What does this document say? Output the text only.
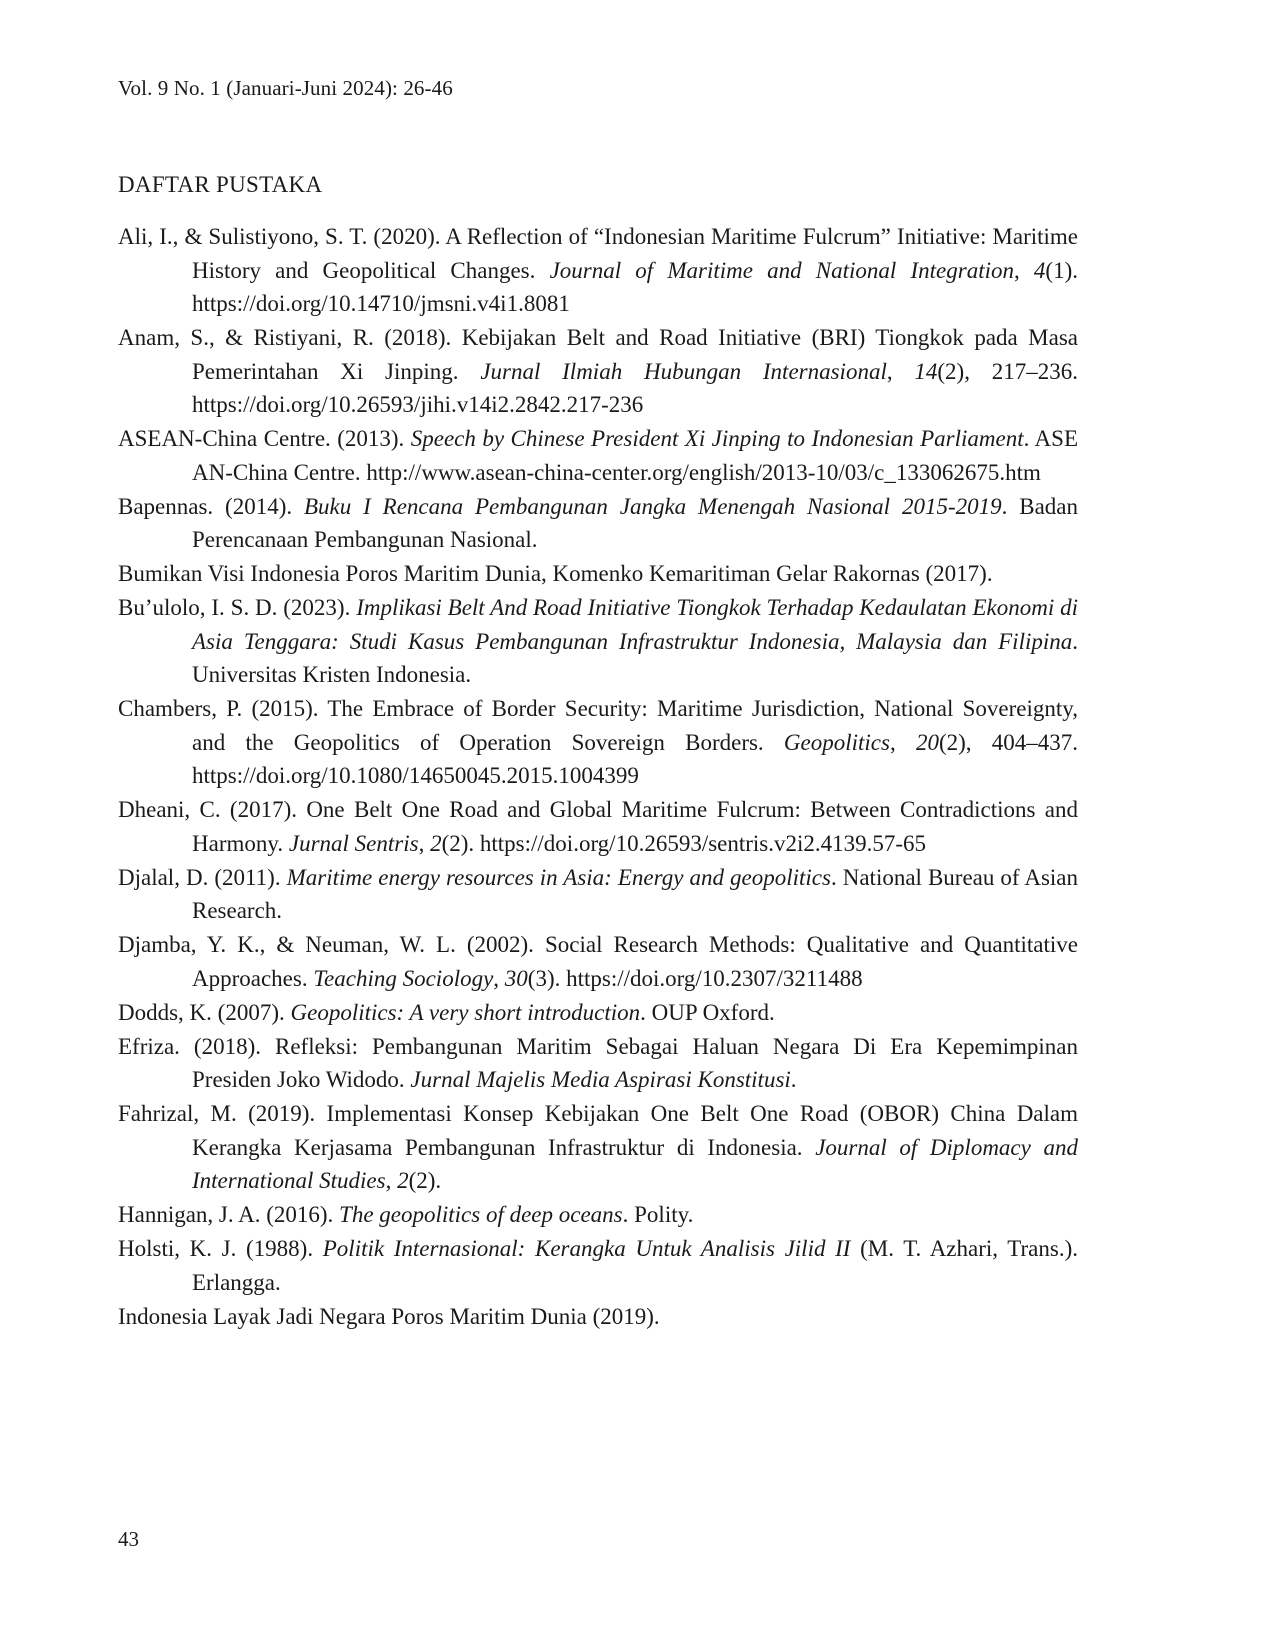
Vol. 9 No. 1 (Januari-Juni 2024): 26-46
DAFTAR PUSTAKA
Ali, I., & Sulistiyono, S. T. (2020). A Reflection of “Indonesian Maritime Fulcrum” Initiative: Maritime History and Geopolitical Changes. Journal of Maritime and National Integration, 4(1). https://doi.org/10.14710/jmsni.v4i1.8081
Anam, S., & Ristiyani, R. (2018). Kebijakan Belt and Road Initiative (BRI) Tiongkok pada Masa Pemerintahan Xi Jinping. Jurnal Ilmiah Hubungan Internasional, 14(2), 217–236. https://doi.org/10.26593/jihi.v14i2.2842.217-236
ASEAN-China Centre. (2013). Speech by Chinese President Xi Jinping to Indonesian Parliament. ASEAN-China Centre. http://www.asean-china-center.org/english/2013-10/03/c_133062675.htm
Bapennas. (2014). Buku I Rencana Pembangunan Jangka Menengah Nasional 2015-2019. Badan Perencanaan Pembangunan Nasional.
Bumikan Visi Indonesia Poros Maritim Dunia, Komenko Kemaritiman Gelar Rakornas (2017).
Bu’ulolo, I. S. D. (2023). Implikasi Belt And Road Initiative Tiongkok Terhadap Kedaulatan Ekonomi di Asia Tenggara: Studi Kasus Pembangunan Infrastruktur Indonesia, Malaysia dan Filipina. Universitas Kristen Indonesia.
Chambers, P. (2015). The Embrace of Border Security: Maritime Jurisdiction, National Sovereignty, and the Geopolitics of Operation Sovereign Borders. Geopolitics, 20(2), 404–437. https://doi.org/10.1080/14650045.2015.1004399
Dheani, C. (2017). One Belt One Road and Global Maritime Fulcrum: Between Contradictions and Harmony. Jurnal Sentris, 2(2). https://doi.org/10.26593/sentris.v2i2.4139.57-65
Djalal, D. (2011). Maritime energy resources in Asia: Energy and geopolitics. National Bureau of Asian Research.
Djamba, Y. K., & Neuman, W. L. (2002). Social Research Methods: Qualitative and Quantitative Approaches. Teaching Sociology, 30(3). https://doi.org/10.2307/3211488
Dodds, K. (2007). Geopolitics: A very short introduction. OUP Oxford.
Efriza. (2018). Refleksi: Pembangunan Maritim Sebagai Haluan Negara Di Era Kepemimpinan Presiden Joko Widodo. Jurnal Majelis Media Aspirasi Konstitusi.
Fahrizal, M. (2019). Implementasi Konsep Kebijakan One Belt One Road (OBOR) China Dalam Kerangka Kerjasama Pembangunan Infrastruktur di Indonesia. Journal of Diplomacy and International Studies, 2(2).
Hannigan, J. A. (2016). The geopolitics of deep oceans. Polity.
Holsti, K. J. (1988). Politik Internasional: Kerangka Untuk Analisis Jilid II (M. T. Azhari, Trans.). Erlangga.
Indonesia Layak Jadi Negara Poros Maritim Dunia (2019).
43
